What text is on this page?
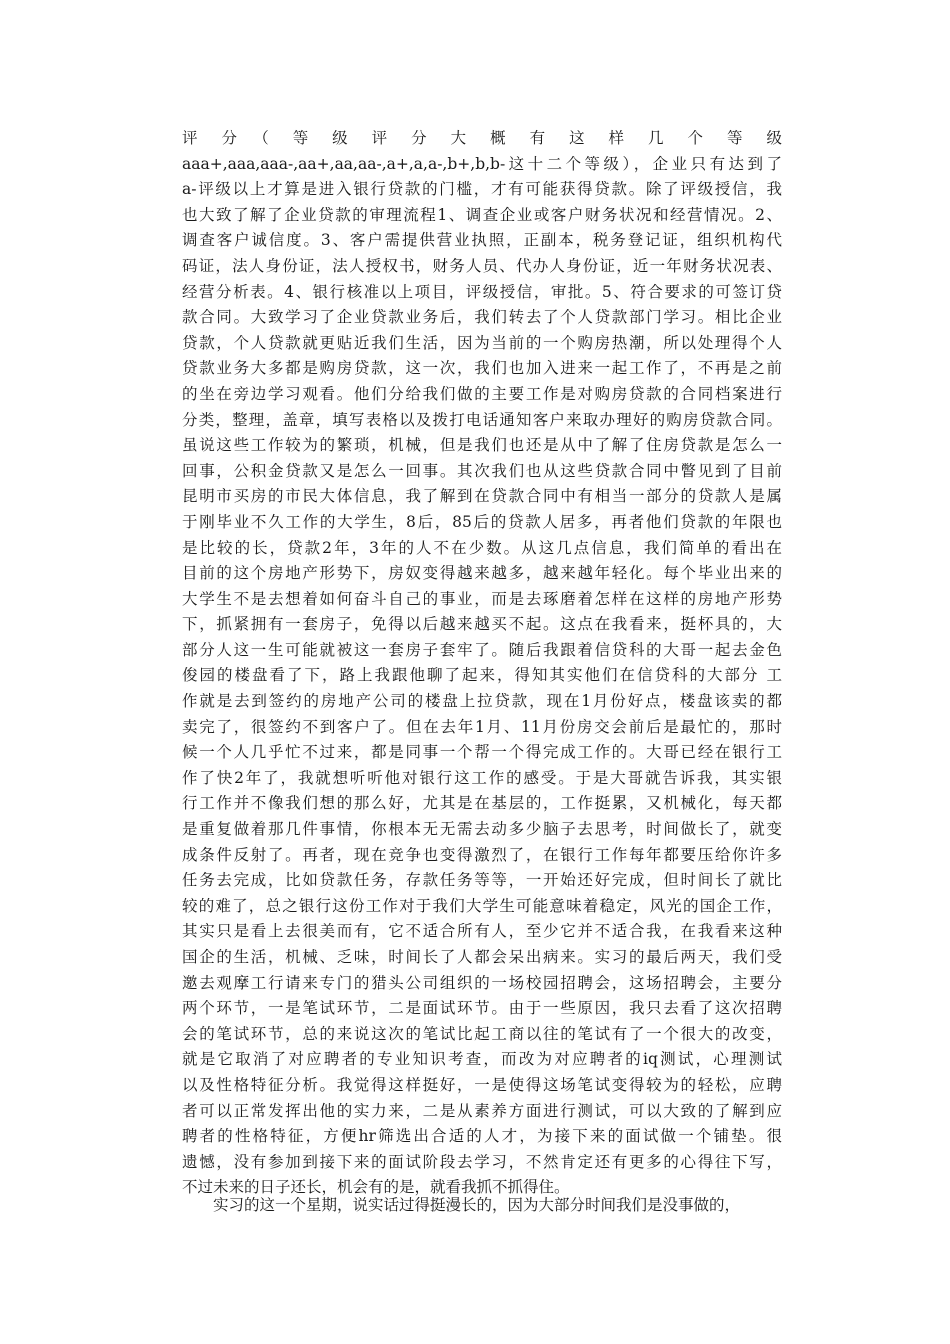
评　分　（　等　级　评　分　大　概　有　这　样　几　个　等　级
aaa+,aaa,aaa-,aa+,aa,aa-,a+,a,a-,b+,b,b-这十二个等级），企业只有达到了
a-评级以上才算是进入银行贷款的门槛，才有可能获得贷款。除了评级授信，我
也大致了解了企业贷款的审理流程1、调查企业或客户财务状况和经营情况。2、
调查客户诚信度。3、客户需提供营业执照，正副本，税务登记证，组织机构代
码证，法人身份证，法人授权书，财务人员、代办人身份证，近一年财务状况表、
经营分析表。4、银行核准以上项目，评级授信，审批。5、符合要求的可签订贷
款合同。大致学习了企业贷款业务后，我们转去了个人贷款部门学习。相比企业
贷款，个人贷款就更贴近我们生活，因为当前的一个购房热潮，所以处理得个人
贷款业务大多都是购房贷款，这一次，我们也加入进来一起工作了，不再是之前
的坐在旁边学习观看。他们分给我们做的主要工作是对购房贷款的合同档案进行
分类，整理，盖章，填写表格以及拨打电话通知客户来取办理好的购房贷款合同。
虽说这些工作较为的繁琐，机械，但是我们也还是从中了解了住房贷款是怎么一
回事，公积金贷款又是怎么一回事。其次我们也从这些贷款合同中瞥见到了目前
昆明市买房的市民大体信息，我了解到在贷款合同中有相当一部分的贷款人是属
于刚毕业不久工作的大学生，8后，85后的贷款人居多，再者他们贷款的年限也
是比较的长，贷款2年，3年的人不在少数。从这几点信息，我们简单的看出在
目前的这个房地产形势下，房奴变得越来越多，越来越年轻化。每个毕业出来的
大学生不是去想着如何奋斗自己的事业，而是去琢磨着怎样在这样的房地产形势
下，抓紧拥有一套房子，免得以后越来越买不起。这点在我看来，挺杯具的，大
部分人这一生可能就被这一套房子套牢了。随后我跟着信贷科的大哥一起去金色
俊园的楼盘看了下，路上我跟他聊了起来，得知其实他们在信贷科的大部分 工
作就是去到签约的房地产公司的楼盘上拉贷款，现在1月份好点，楼盘该卖的都
卖完了，很签约不到客户了。但在去年1月、11月份房交会前后是最忙的，那时
候一个人几乎忙不过来，都是同事一个帮一个得完成工作的。大哥已经在银行工
作了快2年了，我就想听听他对银行这工作的感受。于是大哥就告诉我，其实银
行工作并不像我们想的那么好，尤其是在基层的，工作挺累，又机械化，每天都
是重复做着那几件事情，你根本无无需去动多少脑子去思考，时间做长了，就变
成条件反射了。再者，现在竞争也变得激烈了，在银行工作每年都要压给你许多
任务去完成，比如贷款任务，存款任务等等，一开始还好完成，但时间长了就比
较的难了，总之银行这份工作对于我们大学生可能意味着稳定，风光的国企工作，
其实只是看上去很美而有，它不适合所有人，至少它并不适合我，在我看来这种
国企的生活，机械、乏味，时间长了人都会呆出病来。实习的最后两天，我们受
邀去观摩工行请来专门的猎头公司组织的一场校园招聘会，这场招聘会，主要分
两个环节，一是笔试环节，二是面试环节。由于一些原因，我只去看了这次招聘
会的笔试环节，总的来说这次的笔试比起工商以往的笔试有了一个很大的改变，
就是它取消了对应聘者的专业知识考查，而改为对应聘者的iq测试，心理测试
以及性格特征分析。我觉得这样挺好，一是使得这场笔试变得较为的轻松，应聘
者可以正常发挥出他的实力来，二是从素养方面进行测试，可以大致的了解到应
聘者的性格特征，方便hr筛选出合适的人才，为接下来的面试做一个铺垫。很
遗憾，没有参加到接下来的面试阶段去学习，不然肯定还有更多的心得往下写，
不过未来的日子还长，机会有的是，就看我抓不抓得住。
实习的这一个星期，说实话过得挺漫长的，因为大部分时间我们是没事做的，
